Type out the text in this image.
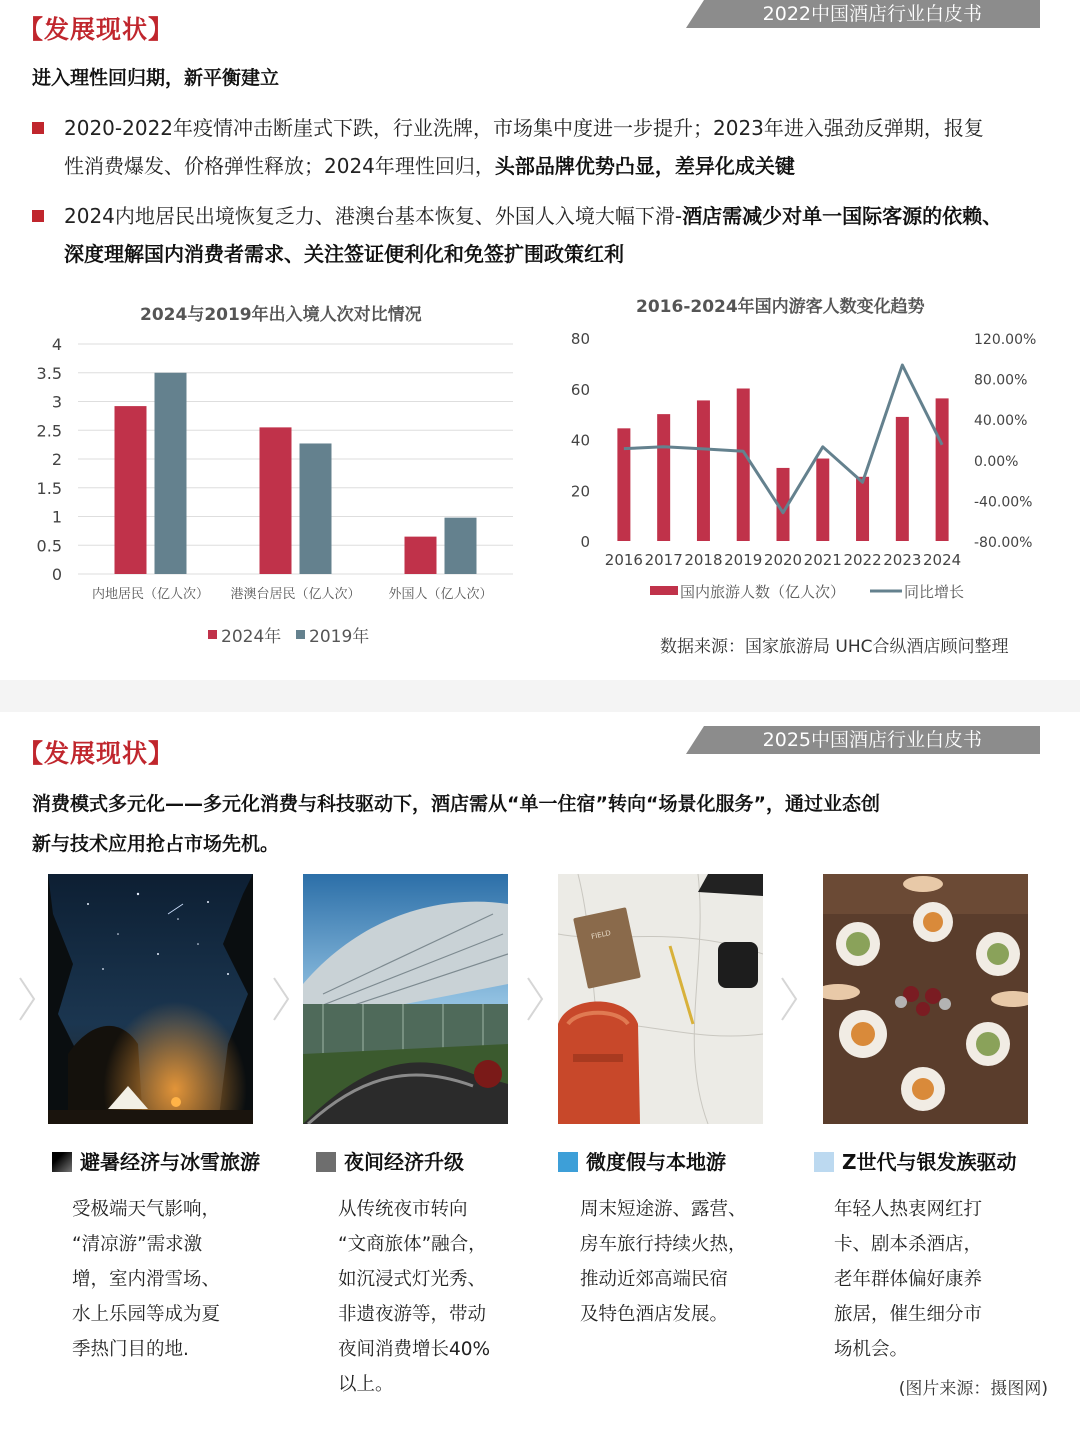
2022中国酒店行业白皮书
【发展现状】
进入理性回归期，新平衡建立
2020-2022年疫情冲击断崖式下跌，行业洗牌，市场集中度进一步提升；2023年进入强劲反弹期，报复
性消费爆发、价格弹性释放；2024年理性回归，头部品牌优势凸显，差异化成关键
2024内地居民出境恢复乏力、港澳台基本恢复、外国人入境大幅下滑-酒店需减少对单一国际客源的依赖、
深度理解国内消费者需求、关注签证便利化和免签扩围政策红利
2024与2019年出入境人次对比情况
0
0.5
1
1.5
2
2.5
3
3.5
4
内地居民（亿人次） 港澳台居民（亿人次） 外国人（亿人次）
2024年 2019年
2016-2024年国内游客人数变化趋势
0
20
40
60
80
-80.00%
-40.00%
0.00%
40.00%
80.00%
120.00%
2016 2017 2018 2019 2020 2021 2022 2023 2024
国内旅游人数（亿人次）	同比增长
数据来源：国家旅游局 UHC合纵酒店顾问整理
2025中国酒店行业白皮书
【发展现状】
消费模式多元化——多元化消费与科技驱动下，酒店需从“单一住宿”转向“场景化服务”，通过业态创
新与技术应用抢占市场先机。
FIELD
避暑经济与冰雪旅游	夜间经济升级	微度假与本地游	Z世代与银发族驱动
受极端天气影响，
“清凉游”需求激
增，室内滑雪场、
水上乐园等成为夏
季热门目的地.
从传统夜市转向
“文商旅体”融合，
如沉浸式灯光秀、
非遗夜游等，带动
夜间消费增长40%
以上。
周末短途游、露营、
房车旅行持续火热，
推动近郊高端民宿
及特色酒店发展。
年轻人热衷网红打
卡、剧本杀酒店，
老年群体偏好康养
旅居，催生细分市
场机会。
(图片来源：摄图网)
